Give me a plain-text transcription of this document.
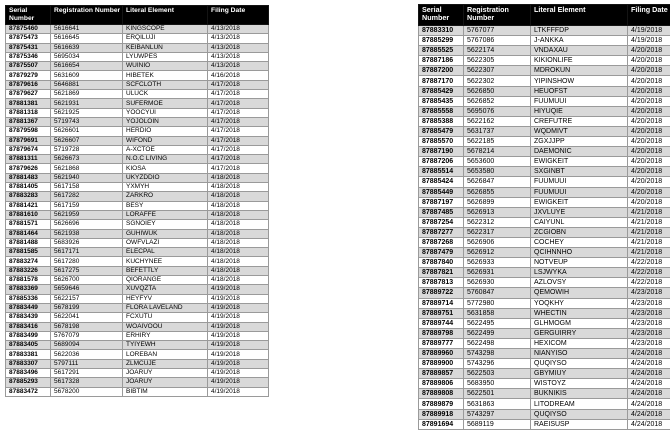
Serial Number	Registration Number	Literal Element	Filing Date
87875460	5616641	KINGSCOPE	4/13/2018
87875473	5616645	ERQILUJI	4/13/2018
87875431	5616639	KEIBANLUN	4/13/2018
87875346	5695034	LYUWPES	4/13/2018
87875507	5616654	WUINIO	4/13/2018
87879279	5631609	HIBETEK	4/16/2018
87879616	5646881	SCFCLOTH	4/17/2018
87879627	5621869	ULUCK	4/17/2018
87881381	5621931	SUFERMOE	4/17/2018
87881318	5621925	YOOCYUI	4/17/2018
87881367	5719743	YOJOLOIN	4/17/2018
87879598	5626601	HERDIO	4/17/2018
87879691	5626607	WIFOND	4/17/2018
87879674	5719728	A-XCTOE	4/17/2018
87881311	5626673	N.O.C LIVING	4/17/2018
87879626	5621868	KIOSA	4/17/2018
87881483	5621940	UKYZDDIO	4/18/2018
87881405	5617158	YXMYH	4/18/2018
87883283	5617282	ZARKRO	4/18/2018
87881421	5617159	BESY	4/18/2018
87881610	5621959	LORAFFE	4/18/2018
87881571	5626696	SGNOIEY	4/18/2018
87881464	5621938	GUHIWUK	4/18/2018
87881488	5683926	OWFVLAZI	4/18/2018
87881585	5617171	ELECPAL	4/18/2018
87883274	5617280	KUCHYNEE	4/18/2018
87883226	5617275	BEFETTLY	4/18/2018
87881578	5626700	QIORANGE	4/18/2018
87883369	5659646	XUVQZTA	4/19/2018
87885336	5622157	HEYFYV	4/19/2018
87883449	5678199	FLORA LAVELAND	4/19/2018
87883439	5622041	FCXUTU	4/19/2018
87883416	5678198	WOAIVOOU	4/19/2018
87883499	5767079	ERHIRY	4/19/2018
87883405	5689094	TYIYEWH	4/19/2018
87883381	5622036	LOREBAN	4/19/2018
87883307	5797111	ZLMCUJE	4/19/2018
87883496	5617291	JOARUY	4/19/2018
87885293	5617328	JOARUY	4/19/2018
87883472	5678200	BIBTIM	4/19/2018
Serial Number	Registration Number	Literal Element	Filing Date
87883310	5767077	LTKFFFDP	4/19/2018
87885299	5767086	J-ANKKA	4/19/2018
87885525	5622174	VNDAXAU	4/20/2018
87887186	5622305	KIKIONLIFE	4/20/2018
87887200	5622307	MDROKUN	4/20/2018
87887170	5622302	YIPINSHOW	4/20/2018
87885429	5626850	HEUOFST	4/20/2018
87885435	5626852	FUUMUUI	4/20/2018
87885558	5695076	HIYUQIE	4/20/2018
87885388	5622162	CREFUTRE	4/20/2018
87885479	5631737	WQDMIVT	4/20/2018
87885570	5622185	ZGXJJPP	4/20/2018
87887190	5678214	DAEMONIC	4/20/2018
87887206	5653600	EWIGKEIT	4/20/2018
87885514	5653580	SXGINBT	4/20/2018
87885424	5626847	FUUMUUI	4/20/2018
87885449	5626855	FUUMUUI	4/20/2018
87887197	5626899	EWIGKEIT	4/20/2018
87887485	5626913	JXVLUYE	4/21/2018
87887254	5622312	CAIYUNL	4/21/2018
87887277	5622317	ZCGIOBN	4/21/2018
87887268	5626906	COCHEY	4/21/2018
87887479	5626912	QCIHNNHO	4/21/2018
87887840	5626933	NOTVEUP	4/22/2018
87887821	5626931	LSJWYKA	4/22/2018
87887813	5626930	AZLOVSY	4/22/2018
87889722	5760847	QEMOWIH	4/23/2018
87889714	5772980	YOQKHY	4/23/2018
87889751	5631858	WHECTIN	4/23/2018
87889744	5622495	GLHMOGM	4/23/2018
87889798	5622499	GERGUIRRY	4/23/2018
87889777	5622498	HEXICOM	4/23/2018
87889960	5743298	NIANYISO	4/24/2018
87889900	5743296	QUQIYSO	4/24/2018
87889857	5622503	GBYMIUY	4/24/2018
87889806	5683950	WISTOYZ	4/24/2018
87889808	5622501	BUKNIKIS	4/24/2018
87889879	5631863	LITODREAM	4/24/2018
87889918	5743297	QUQIYSO	4/24/2018
87891694	5689119	RAEISUSP	4/24/2018
